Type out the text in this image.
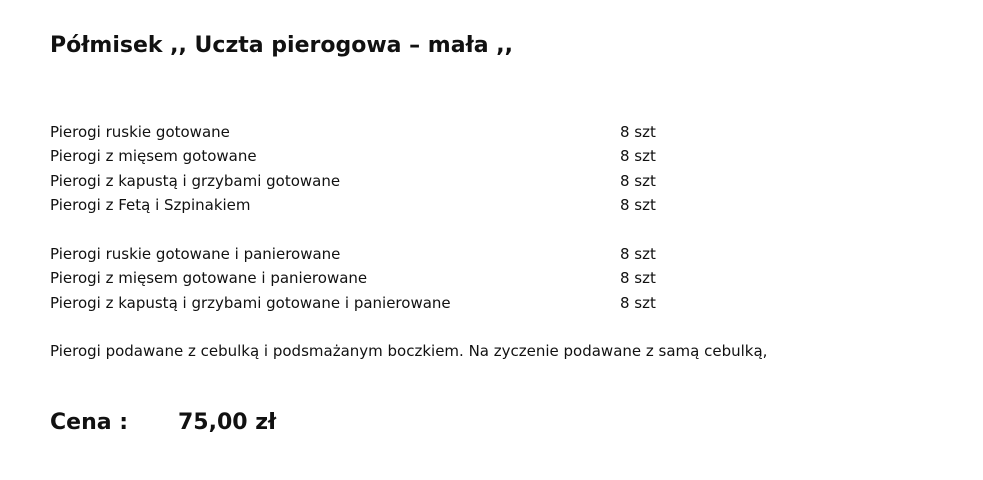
Półmisek ,, Uczta pierogowa – mała ,,
Pierogi ruskie gotowane	8 szt
Pierogi z mięsem gotowane	8 szt
Pierogi z kapustą i grzybami gotowane	8 szt
Pierogi z Fetą i Szpinakiem	8 szt
Pierogi ruskie gotowane i panierowane	8 szt
Pierogi z mięsem gotowane i panierowane	8 szt
Pierogi z kapustą i grzybami gotowane i panierowane	8 szt
Pierogi podawane z cebulką i podsmażanym boczkiem. Na zyczenie podawane z samą cebulką,
Cena : 75,00 zł
